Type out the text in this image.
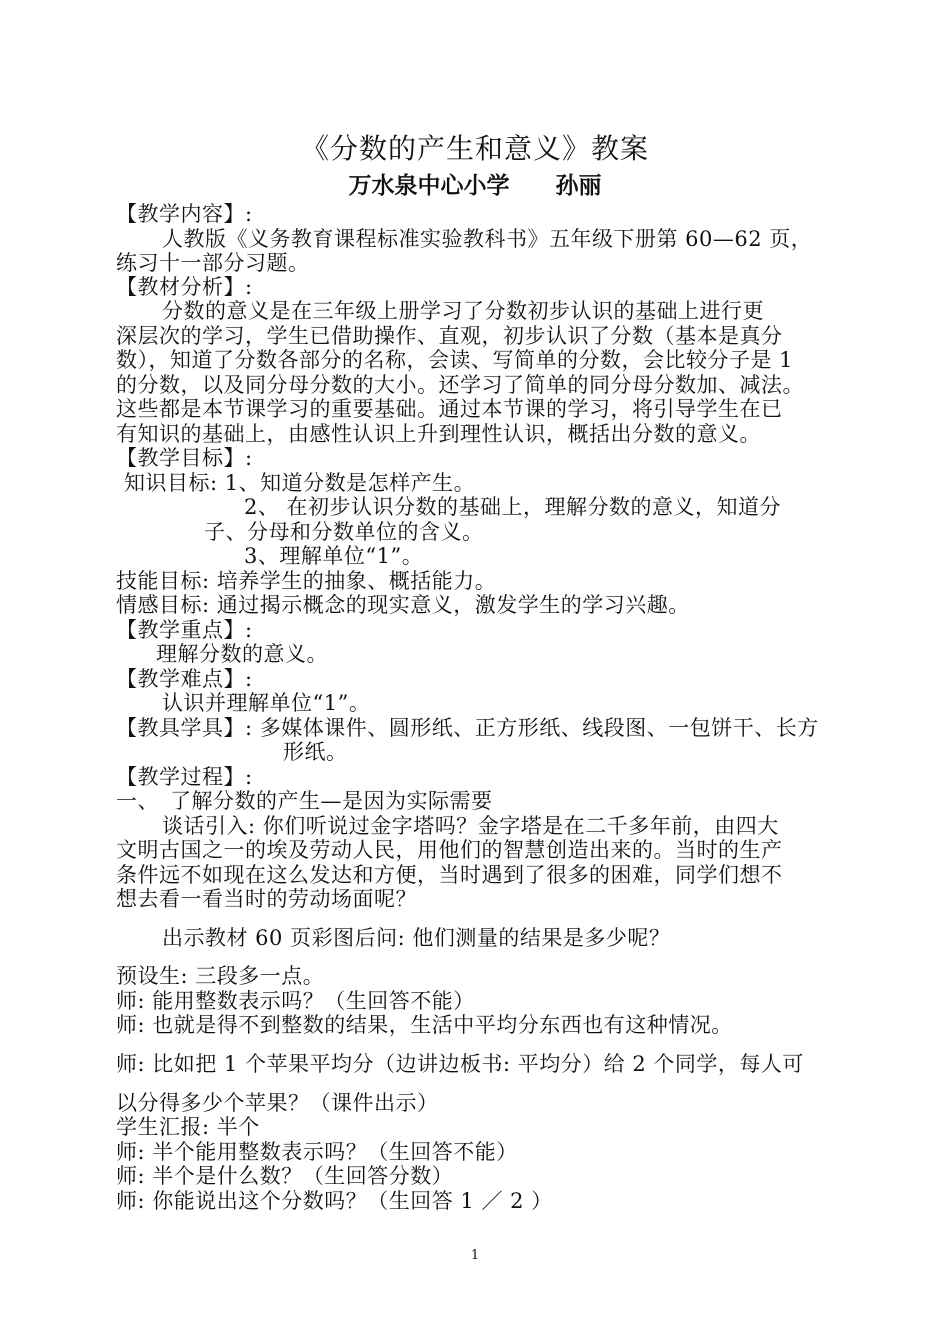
《分数的产生和意义》教案
万水泉中心小学 孙丽
【教学内容】:
人教版《义务教育课程标准实验教科书》五年级下册第 60—62 页，
练习十一部分习题。
【教材分析】:
分数的意义是在三年级上册学习了分数初步认识的基础上进行更
深层次的学习，学生已借助操作、直观，初步认识了分数（基本是真分
数），知道了分数各部分的名称，会读、写简单的分数，会比较分子是 1
的分数，以及同分母分数的大小。还学习了简单的同分母分数加、减法。
这些都是本节课学习的重要基础。通过本节课的学习，将引导学生在已
有知识的基础上，由感性认识上升到理性认识，概括出分数的意义。
【教学目标】:
知识目标: 1、知道分数是怎样产生。
2、 在初步认识分数的基础上，理解分数的意义，知道分
子、分母和分数单位的含义。
3、理解单位“1”。
技能目标: 培养学生的抽象、概括能力。
情感目标: 通过揭示概念的现实意义，激发学生的学习兴趣。
【教学重点】:
理解分数的意义。
【教学难点】:
认识并理解单位“1”。
【教具学具】: 多媒体课件、圆形纸、正方形纸、线段图、一包饼干、长方
形纸。
【教学过程】:
一、　了解分数的产生—是因为实际需要
谈话引入: 你们听说过金字塔吗？金字塔是在二千多年前，由四大
文明古国之一的埃及劳动人民，用他们的智慧创造出来的。当时的生产
条件远不如现在这么发达和方便，当时遇到了很多的困难，同学们想不
想去看一看当时的劳动场面呢？
出示教材 60 页彩图后问: 他们测量的结果是多少呢？
预设生: 三段多一点。
师: 能用整数表示吗？（生回答不能）
师: 也就是得不到整数的结果，生活中平均分东西也有这种情况。
师: 比如把 1 个苹果平均分（边讲边板书: 平均分）给 2 个同学，每人可
以分得多少个苹果？（课件出示）
学生汇报: 半个
师: 半个能用整数表示吗？（生回答不能）
师: 半个是什么数？（生回答分数）
师: 你能说出这个分数吗？（生回答 1 ／ 2 ）
1
